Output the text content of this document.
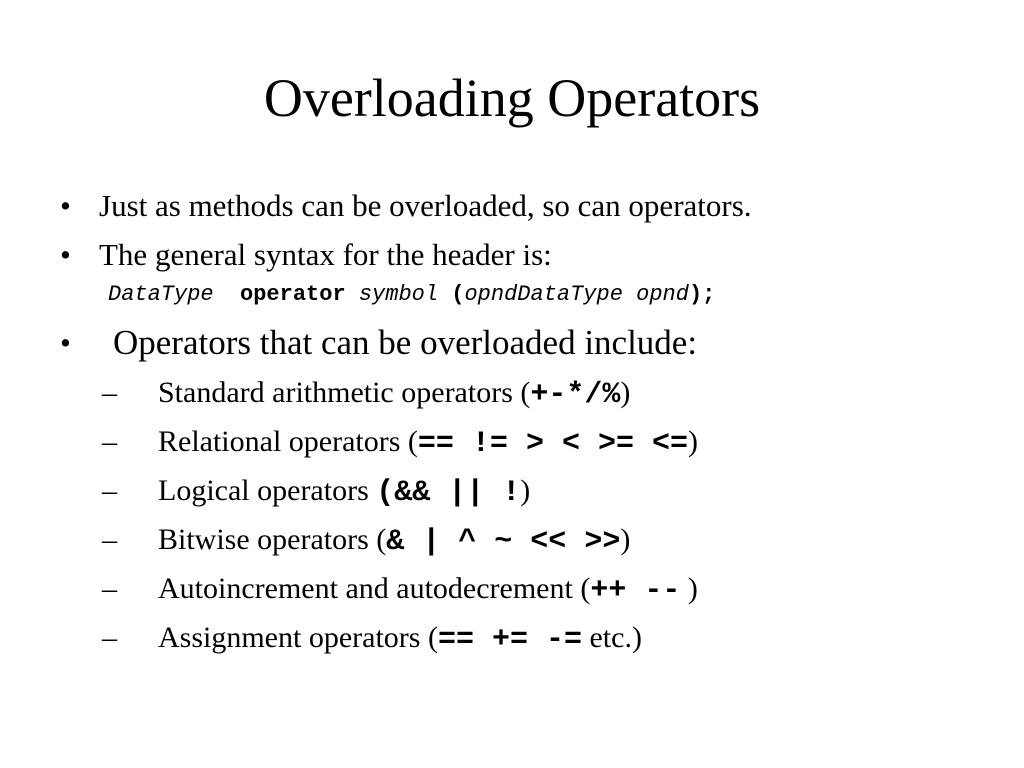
Overloading Operators
• Just as methods can be overloaded, so can operators.
• The general syntax for the header is:
DataType operator symbol (opndDataType opnd);
• Operators that can be overloaded include:
– Standard arithmetic operators (+-*/%)
– Relational operators (== != > < >= <=)
– Logical operators (&& || !)
– Bitwise operators (& | ^ ~ << >>)
– Autoincrement and autodecrement (++ -- )
– Assignment operators (== += -= etc.)
